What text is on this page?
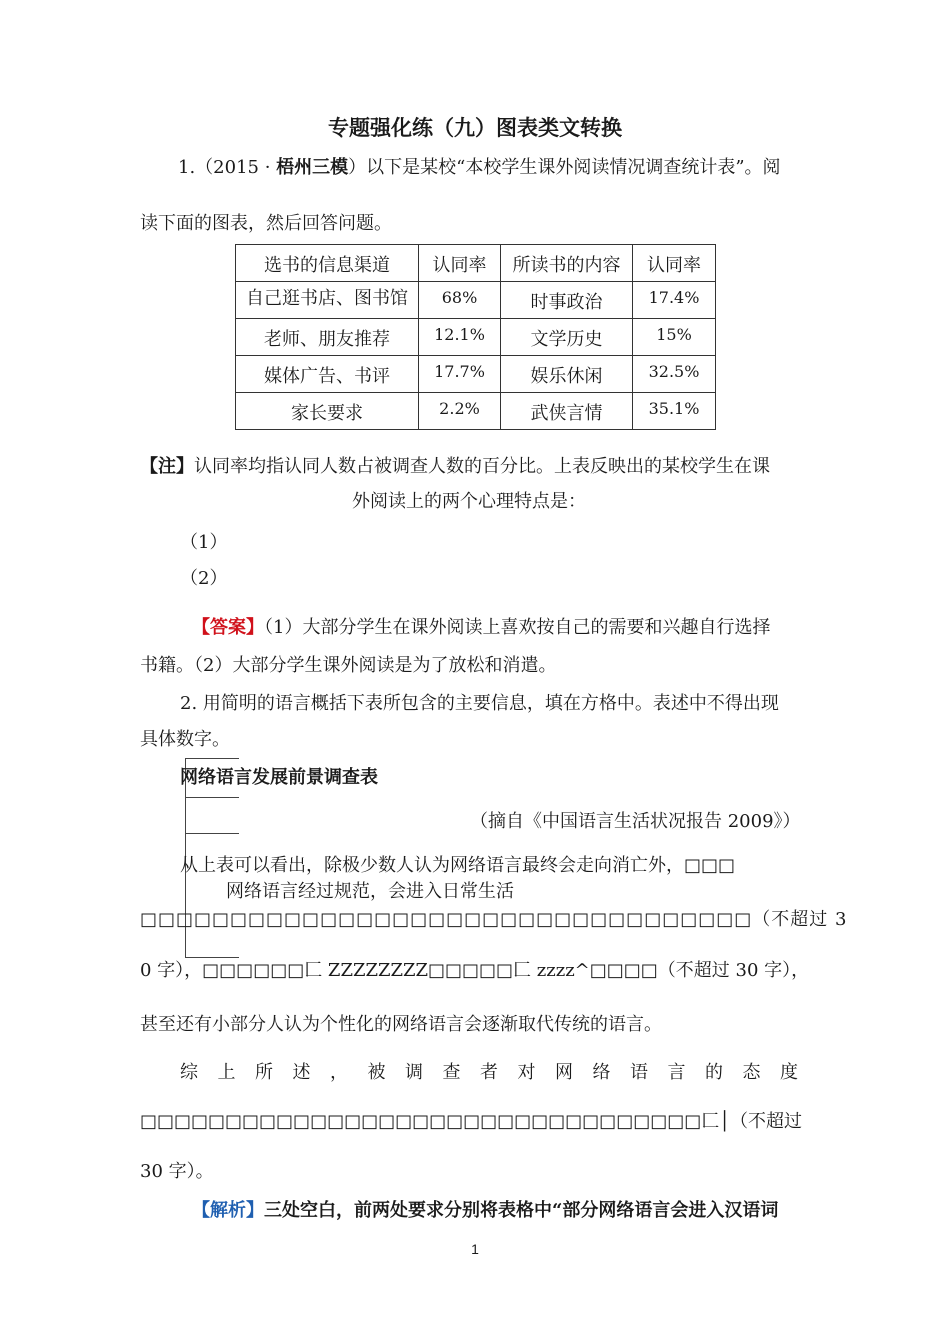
专题强化练（九）图表类文转换
1.（2015 · 梧州三模）以下是某校“本校学生课外阅读情况调查统计表”。阅
读下面的图表，然后回答问题。
选书的信息渠道	认同率	所读书的内容	认同率
自己逛书店、图书馆	68%	时事政治	17.4%
老师、朋友推荐	12.1%	文学历史	15%
媒体广告、书评	17.7%	娱乐休闲	32.5%
家长要求	2.2%	武侠言情	35.1%
【注】认同率均指认同人数占被调查人数的百分比。上表反映出的某校学生在课
外阅读上的两个心理特点是：
（1）
（2）
【答案】（1）大部分学生在课外阅读上喜欢按自己的需要和兴趣自行选择
书籍。（2）大部分学生课外阅读是为了放松和消遣。
2. 用简明的语言概括下表所包含的主要信息，填在方格中。表述中不得出现
具体数字。
网络语言发展前景调查表
（摘自《中国语言生活状况报告 2009》）
从上表可以看出，除极少数人认为网络语言最终会走向消亡外，□□□
网络语言经过规范，会进入日常生活
□□□□□□□□□□□□□□□□□□□□□□□□□□□□□□□□□□（不超过 3
0 字），□□□□□□匚 ZZZZZZZZ□□□□□匚 zzzz^□□□□（不超过 30 字），
甚至还有小部分人认为个性化的网络语言会逐渐取代传统的语言。
综 上 所 述 ， 被 调 查 者 对 网 络 语 言 的 态 度
□□□□□□□□□□□□□□□□□□□□□□□□□□□□□□□□□匚│（不超过
30 字）。
【解析】三处空白，前两处要求分别将表格中“部分网络语言会进入汉语词
1
